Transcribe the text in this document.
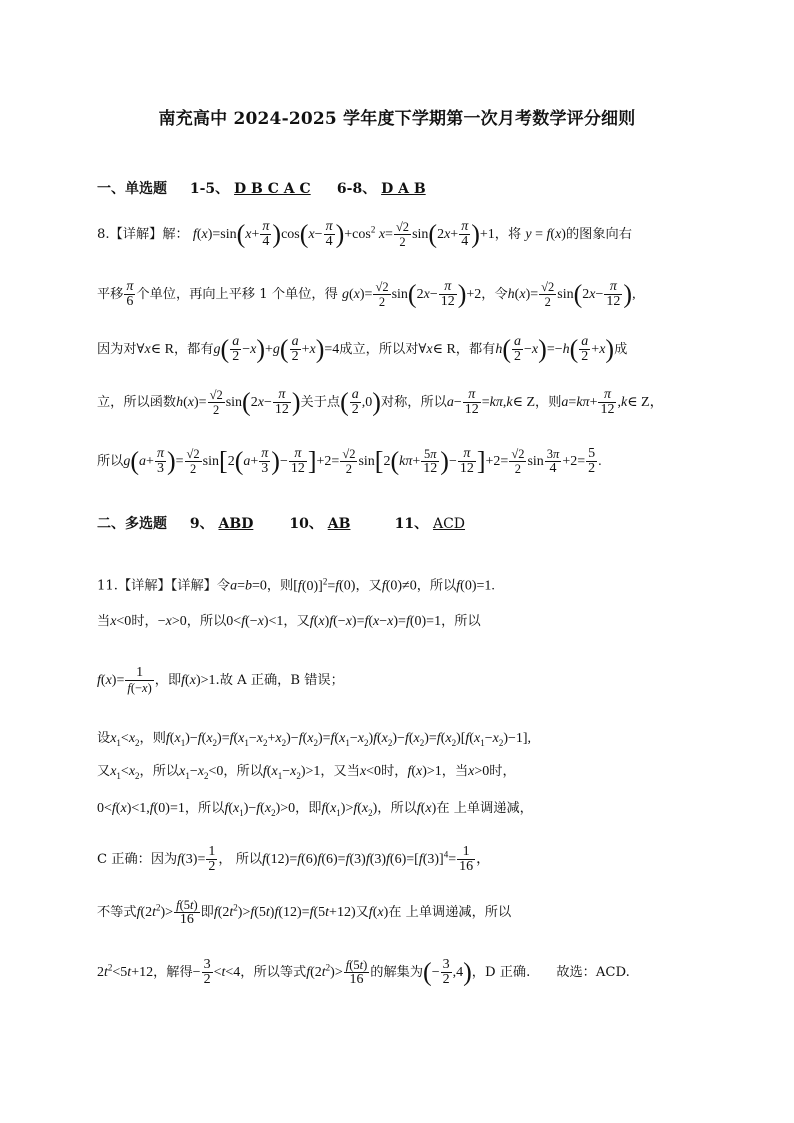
南充高中 2024-2025 学年度下学期第一次月考数学评分细则
一、单选题 1-5、 D B C A C 6-8、 D A B
8.【详解】解： $f(x)=\sin(x+ \frac{\pi}{4} )\cos(x- \frac{\pi}{4} )+\cos^2$ $x= \frac{√2}{2} \sin(2x+ \frac{\pi}{4} )+1$，将 y = f(x)的图象向右
平移 $\frac{\pi}{6}$ 个单位，再向上平移 1 个单位，得 $g(x)= \frac{√2}{2} \sin(2x- \frac{\pi}{12} )+2$，令$h(x)= \frac{√2}{2} \sin(2x- \frac{\pi}{12}$ ),
因为对∀x∈ R，都有$g( \frac{a}{2} -x)+g( \frac{a}{2} +x)=4$成立，所以对∀x∈ R，都有$h( \frac{a}{2} -x)=-h( \frac{a}{2} +x)$成
立，所以函数$h(x)= \frac{√2}{2} \sin(2x- \frac{\pi}{12}$ )关于点( $\frac{a}{2} ,0$)对称，所以$a- \frac{\pi}{12}$ =kπ,k∈ Z，则$a=k\pi+ \frac{\pi}{12}$ ,k∈ Z，
所以$g(a+ \frac{\pi}{3}$ )= $\frac{√2}{2} \sin[2(a+ \frac{\pi}{3}$ )− $\frac{\pi}{12} ]+2= \frac{√2}{2} \sin[2(k\pi+ \frac{5\pi}{12}$ )− $\frac{\pi}{12} ]+2= \frac{√2}{2}$ $\sin \frac{3\pi}{4} +2= \frac{5}{2}$ .
二、多选题 9、 ABD	10、 AB	11、 ACD
11.【详解】【详解】令a=b=0，则$[f(0)]^2=f(0)$，又f(0)≠0，所以f(0)=1.
当x<0时，−x>0，所以0<f(−x)<1，又f(x)f(−x)=f(x−x)=f(0)=1，所以
$f(x)= \frac{1}{f(-x)}$ ，即f(x)>1.故 A 正确，B 错误；
设$x_1<x_2$，则$f(x_1)-f(x_2)=f(x_1-x_2+x_2)-f(x_2)=f(x_1-x_2)f(x_2)-f(x_2)=f(x_2)[f(x_1-x_2)-1]$,
又$x_1<x_2$，所以$x_1-x_2<0$，所以$f(x_1-x_2)>1$，又当x<0时，f(x)>1，当x>0时，
0<f(x)<1,f(0)=1，所以$f(x_1)-f(x_2)>0$，即$f(x_1)>f(x_2)$，所以f(x)在 上单调递减，
C 正确：因为$f(3)= \frac{1}{2}$ ， 所以$f(12)=f(6)f(6)=f(3)f(3)f(6)=[f(3)]^4= \frac{1}{16}$ ，
不等式$f(2t^2)> \frac{f(5t)}{16}$ 即$f(2t^2)>f(5t)f(12)=f(5t+12)$又f(x)在 上单调递减，所以
$2t^2<5t+12$，解得− $\frac{3}{2} <t<4$，所以等式$f(2t^2)> \frac{f(5t)}{16}$ 的解集为(− $\frac{3}{2} ,4$)，D 正确. 故选：ACD.
